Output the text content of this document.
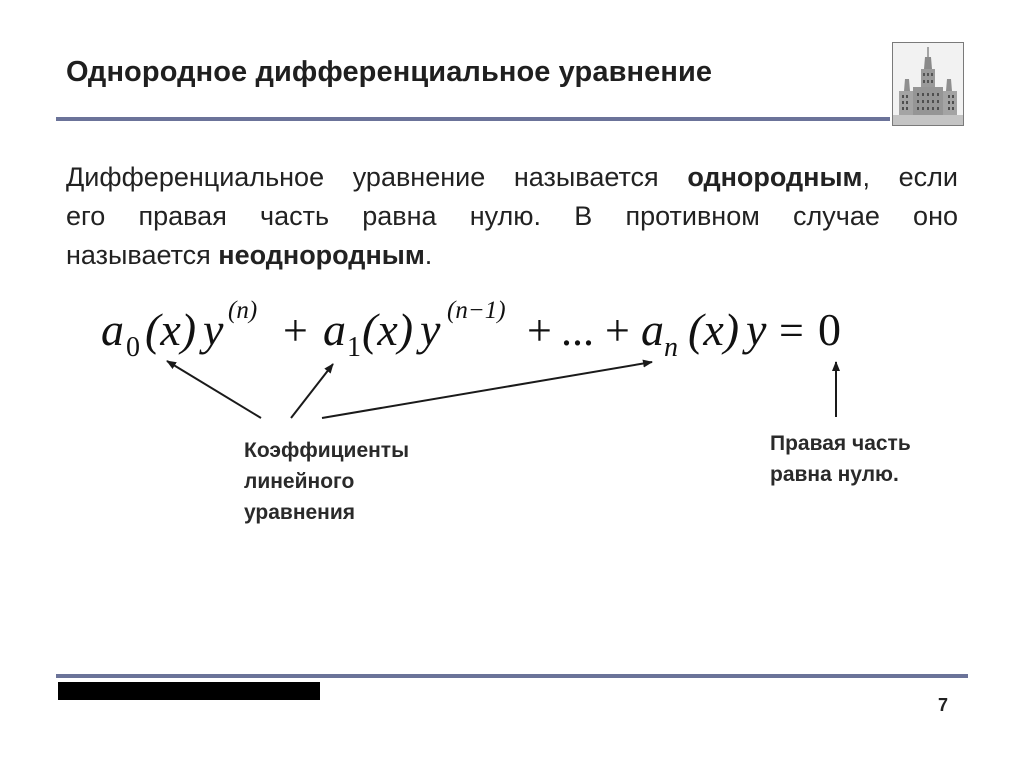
Однородное дифференциальное уравнение
Дифференциальное уравнение называется однородным, если
его правая часть равна нулю. В противном случае оно
называется неоднородным.
a 0 (x) y (n) + a 1 (x) y (n−1) + ... + a n (x) y = 0
Коэффициенты
линейного
уравнения
Правая часть
равна нулю.
7
